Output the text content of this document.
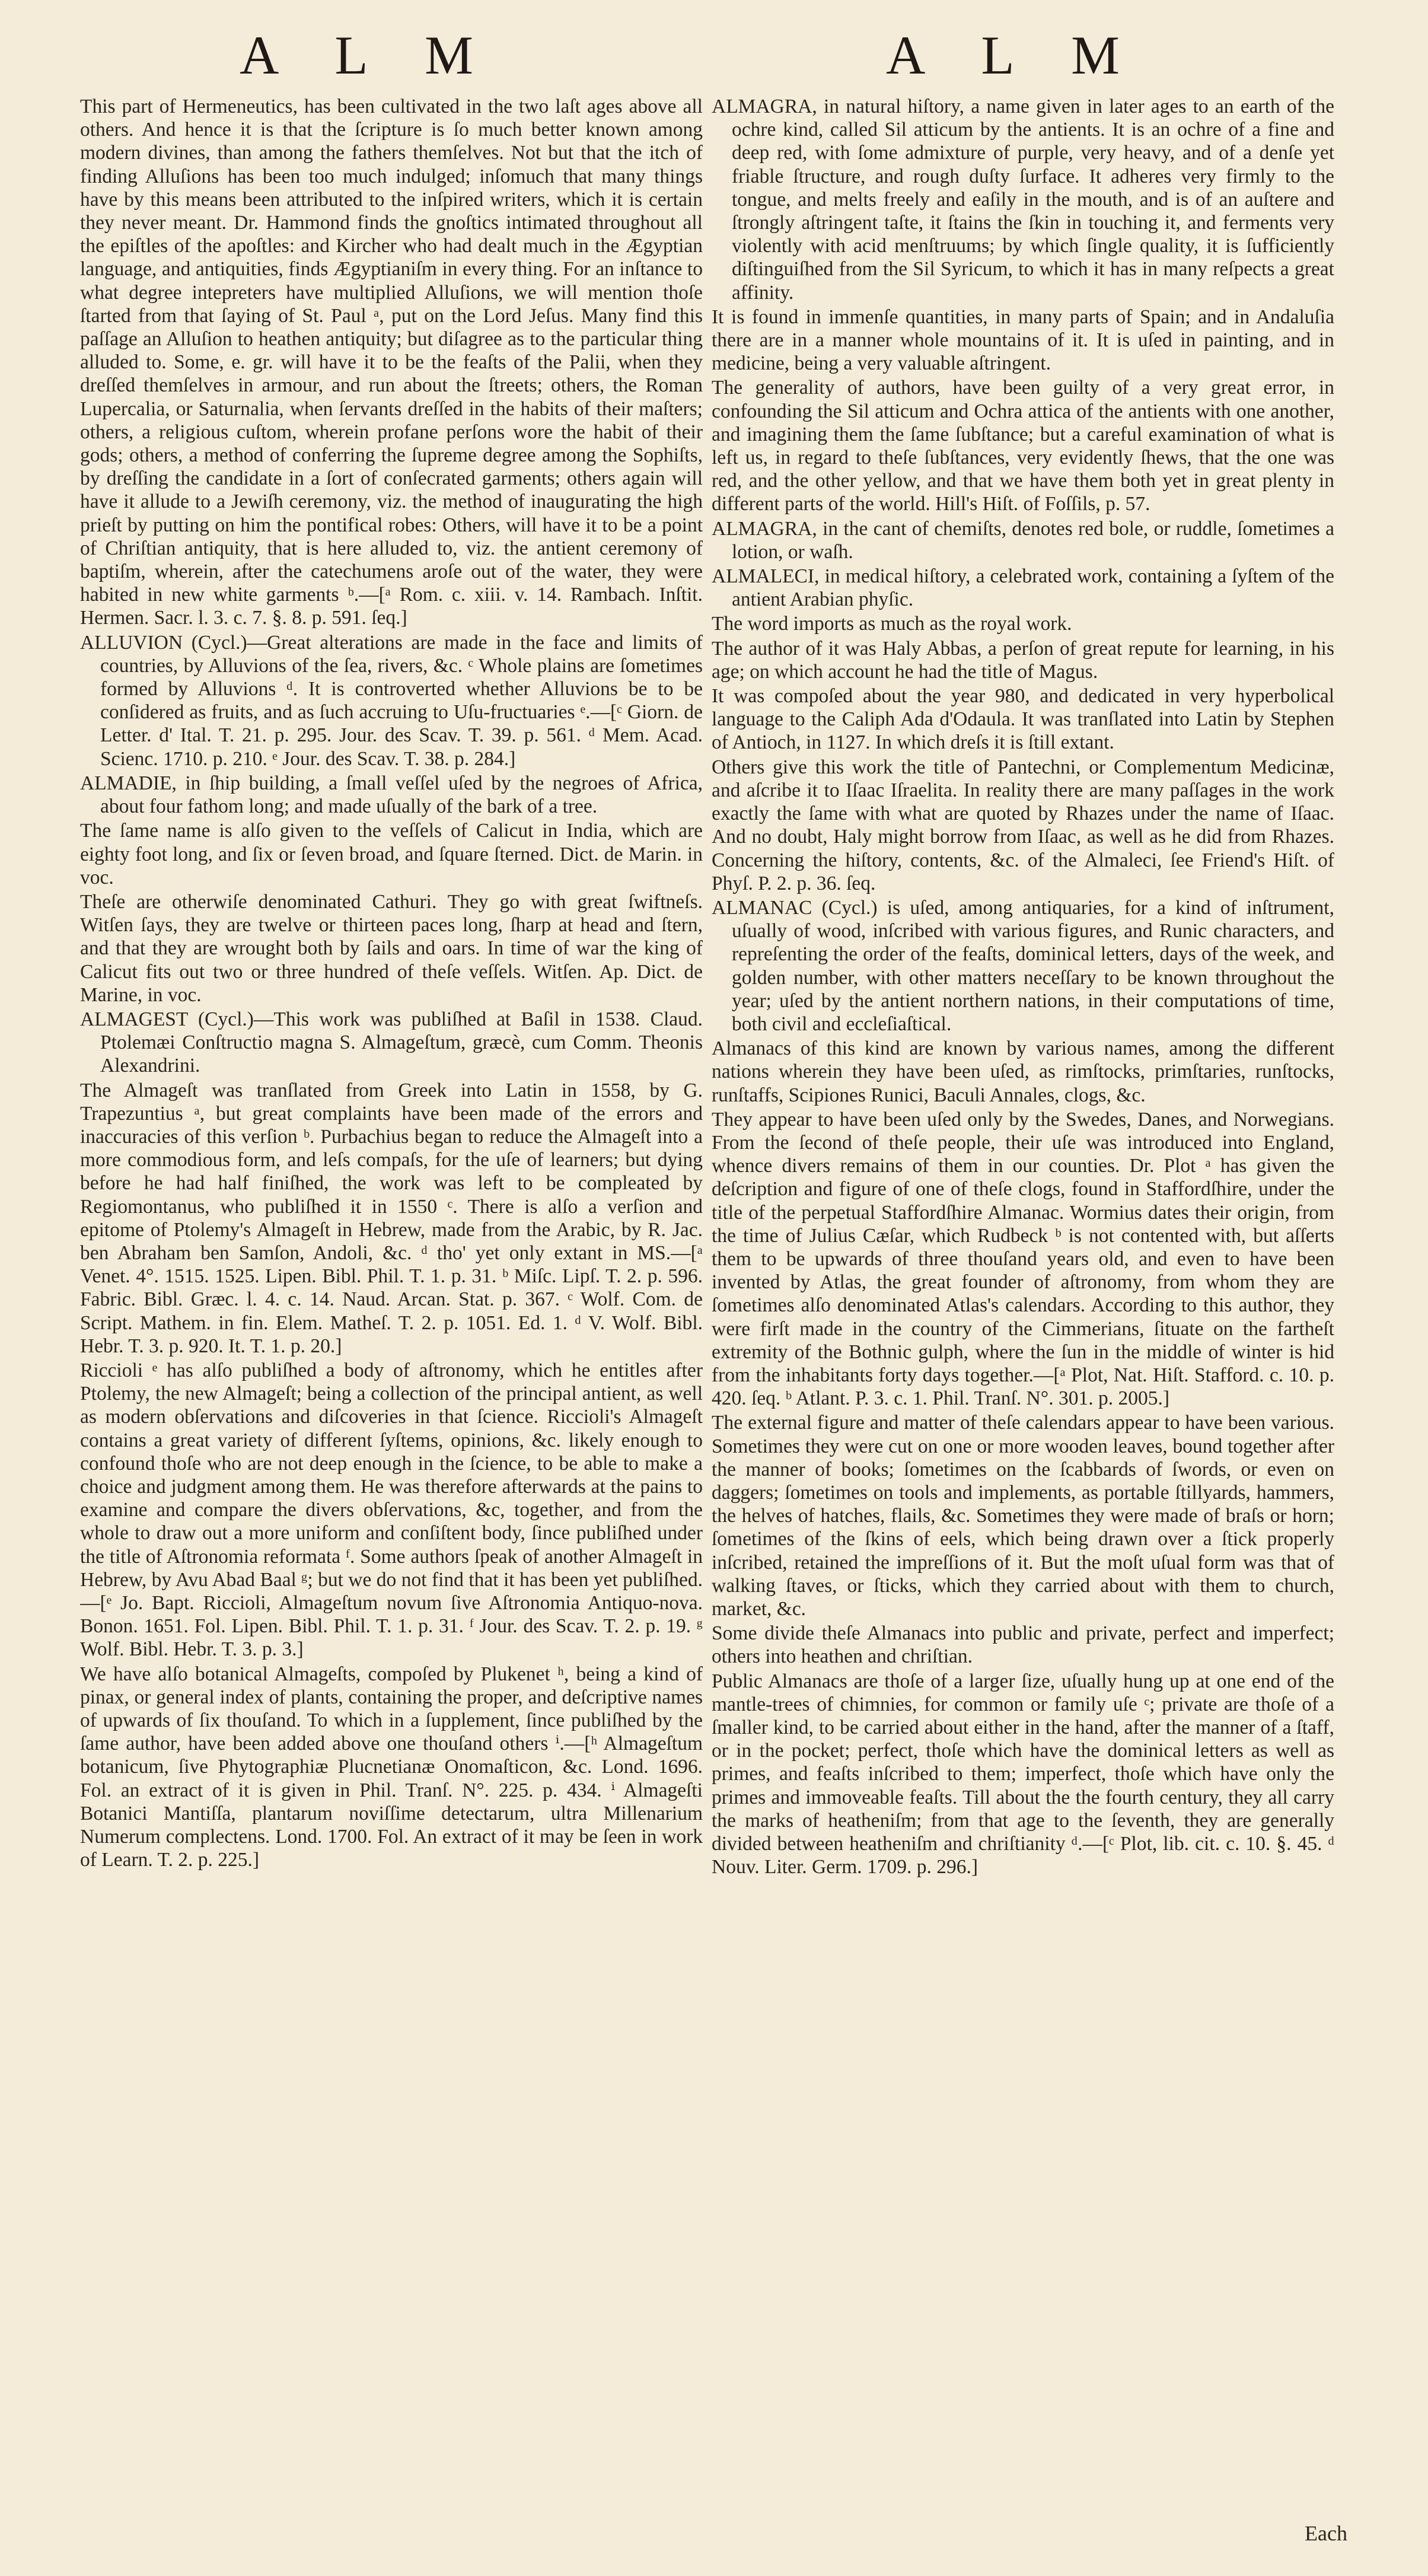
A L M	A L M

This part of Hermeneutics, has been cultivated in the two laſt ages above all others. And hence it is that the ſcripture is ſo much better known among modern divines, than among the fathers themſelves. Not but that the itch of finding Alluſions has been too much indulged; inſomuch that many things have by this means been attributed to the inſpired writers, which it is certain they never meant. Dr. Hammond finds the gnoſtics intimated throughout all the epiſtles of the apoſtles: and Kircher who had dealt much in the Ægyptian language, and antiquities, finds Ægyptianiſm in every thing. For an inſtance to what degree intepreters have multiplied Alluſions, we will mention thoſe ſtarted from that ſaying of St. Paul ᵃ, put on the Lord Jeſus. Many find this paſſage an Alluſion to heathen antiquity; but diſagree as to the particular thing alluded to. Some, e. gr. will have it to be the feaſts of the Palii, when they dreſſed themſelves in armour, and run about the ſtreets; others, the Roman Lupercalia, or Saturnalia, when ſervants dreſſed in the habits of their maſters; others, a religious cuſtom, wherein profane perſons wore the habit of their gods; others, a method of conferring the ſupreme degree among the Sophiſts, by dreſſing the candidate in a ſort of conſecrated garments; others again will have it allude to a Jewiſh ceremony, viz. the method of inaugurating the high prieſt by putting on him the pontifical robes: Others, will have it to be a point of Chriſtian antiquity, that is here alluded to, viz. the antient ceremony of baptiſm, wherein, after the catechumens aroſe out of the water, they were habited in new white garments ᵇ.—[ᵃ Rom. c. xiii. v. 14. Rambach. Inſtit. Hermen. Sacr. l. 3. c. 7. §. 8. p. 591. ſeq.]

ALLUVION (Cycl.)—Great alterations are made in the face and limits of countries, by Alluvions of the ſea, rivers, &c. ᶜ Whole plains are ſometimes formed by Alluvions ᵈ. It is controverted whether Alluvions be to be conſidered as fruits, and as ſuch accruing to Uſu-fructuaries ᵉ.—[ᶜ Giorn. de Letter. d' Ital. T. 21. p. 295. Jour. des Scav. T. 39. p. 561. ᵈ Mem. Acad. Scienc. 1710. p. 210. ᵉ Jour. des Scav. T. 38. p. 284.]

ALMADIE, in ſhip building, a ſmall veſſel uſed by the negroes of Africa, about four fathom long; and made uſually of the bark of a tree.

The ſame name is alſo given to the veſſels of Calicut in India, which are eighty foot long, and ſix or ſeven broad, and ſquare ſterned. Dict. de Marin. in voc.

Theſe are otherwiſe denominated Cathuri. They go with great ſwiftneſs. Witſen ſays, they are twelve or thirteen paces long, ſharp at head and ſtern, and that they are wrought both by ſails and oars. In time of war the king of Calicut fits out two or three hundred of theſe veſſels. Witſen. Ap. Dict. de Marine, in voc.

ALMAGEST (Cycl.)—This work was publiſhed at Baſil in 1538. Claud. Ptolemæi Conſtructio magna S. Almageſtum, græcè, cum Comm. Theonis Alexandrini.

The Almageſt was tranſlated from Greek into Latin in 1558, by G. Trapezuntius ᵃ, but great complaints have been made of the errors and inaccuracies of this verſion ᵇ. Purbachius began to reduce the Almageſt into a more commodious form, and leſs compaſs, for the uſe of learners; but dying before he had half finiſhed, the work was left to be compleated by Regiomontanus, who publiſhed it in 1550 ᶜ. There is alſo a verſion and epitome of Ptolemy's Almageſt in Hebrew, made from the Arabic, by R. Jac. ben Abraham ben Samſon, Andoli, &c. ᵈ tho' yet only extant in MS.—[ᵃ Venet. 4°. 1515. 1525. Lipen. Bibl. Phil. T. 1. p. 31. ᵇ Miſc. Lipſ. T. 2. p. 596. Fabric. Bibl. Græc. l. 4. c. 14. Naud. Arcan. Stat. p. 367. ᶜ Wolf. Com. de Script. Mathem. in fin. Elem. Matheſ. T. 2. p. 1051. Ed. 1. ᵈ V. Wolf. Bibl. Hebr. T. 3. p. 920. It. T. 1. p. 20.]

Riccioli ᵉ has alſo publiſhed a body of aſtronomy, which he entitles after Ptolemy, the new Almageſt; being a collection of the principal antient, as well as modern obſervations and diſcoveries in that ſcience. Riccioli's Almageſt contains a great variety of different ſyſtems, opinions, &c. likely enough to confound thoſe who are not deep enough in the ſcience, to be able to make a choice and judgment among them. He was therefore afterwards at the pains to examine and compare the divers obſervations, &c, together, and from the whole to draw out a more uniform and conſiſtent body, ſince publiſhed under the title of Aſtronomia reformata ᶠ. Some authors ſpeak of another Almageſt in Hebrew, by Avu Abad Baal ᵍ; but we do not find that it has been yet publiſhed.—[ᵉ Jo. Bapt. Riccioli, Almageſtum novum ſive Aſtronomia Antiquo-nova. Bonon. 1651. Fol. Lipen. Bibl. Phil. T. 1. p. 31. ᶠ Jour. des Scav. T. 2. p. 19. ᵍ Wolf. Bibl. Hebr. T. 3. p. 3.]

We have alſo botanical Almageſts, compoſed by Plukenet ʰ, being a kind of pinax, or general index of plants, containing the proper, and deſcriptive names of upwards of ſix thouſand. To which in a ſupplement, ſince publiſhed by the ſame author, have been added above one thouſand others ⁱ.—[ʰ Almageſtum botanicum, ſive Phytographiæ Plucnetianæ Onomaſticon, &c. Lond. 1696. Fol. an extract of it is given in Phil. Tranſ. N°. 225. p. 434. ⁱ Almageſti Botanici Mantiſſa, plantarum noviſſime detectarum, ultra Millenarium Numerum complectens. Lond. 1700. Fol. An extract of it may be ſeen in work of Learn. T. 2. p. 225.]

ALMAGRA, in natural hiſtory, a name given in later ages to an earth of the ochre kind, called Sil atticum by the antients. It is an ochre of a fine and deep red, with ſome admixture of purple, very heavy, and of a denſe yet friable ſtructure, and rough duſty ſurface. It adheres very firmly to the tongue, and melts freely and eaſily in the mouth, and is of an auſtere and ſtrongly aſtringent taſte, it ſtains the ſkin in touching it, and ferments very violently with acid menſtruums; by which ſingle quality, it is ſufficiently diſtinguiſhed from the Sil Syricum, to which it has in many reſpects a great affinity.

It is found in immenſe quantities, in many parts of Spain; and in Andaluſia there are in a manner whole mountains of it. It is uſed in painting, and in medicine, being a very valuable aſtringent.

The generality of authors, have been guilty of a very great error, in confounding the Sil atticum and Ochra attica of the antients with one another, and imagining them the ſame ſubſtance; but a careful examination of what is left us, in regard to theſe ſubſtances, very evidently ſhews, that the one was red, and the other yellow, and that we have them both yet in great plenty in different parts of the world. Hill's Hiſt. of Foſſils, p. 57.

ALMAGRA, in the cant of chemiſts, denotes red bole, or ruddle, ſometimes a lotion, or waſh.

ALMALECI, in medical hiſtory, a celebrated work, containing a ſyſtem of the antient Arabian phyſic.

The word imports as much as the royal work.

The author of it was Haly Abbas, a perſon of great repute for learning, in his age; on which account he had the title of Magus.

It was compoſed about the year 980, and dedicated in very hyperbolical language to the Caliph Ada d'Odaula. It was tranſlated into Latin by Stephen of Antioch, in 1127. In which dreſs it is ſtill extant.

Others give this work the title of Pantechni, or Complementum Medicinæ, and aſcribe it to Iſaac Iſraelita. In reality there are many paſſages in the work exactly the ſame with what are quoted by Rhazes under the name of Iſaac. And no doubt, Haly might borrow from Iſaac, as well as he did from Rhazes. Concerning the hiſtory, contents, &c. of the Almaleci, ſee Friend's Hiſt. of Phyſ. P. 2. p. 36. ſeq.

ALMANAC (Cycl.) is uſed, among antiquaries, for a kind of inſtrument, uſually of wood, inſcribed with various figures, and Runic characters, and repreſenting the order of the feaſts, dominical letters, days of the week, and golden number, with other matters neceſſary to be known throughout the year; uſed by the antient northern nations, in their computations of time, both civil and eccleſiaſtical.

Almanacs of this kind are known by various names, among the different nations wherein they have been uſed, as rimſtocks, primſtaries, runſtocks, runſtaffs, Scipiones Runici, Baculi Annales, clogs, &c.

They appear to have been uſed only by the Swedes, Danes, and Norwegians. From the ſecond of theſe people, their uſe was introduced into England, whence divers remains of them in our counties. Dr. Plot ᵃ has given the deſcription and figure of one of theſe clogs, found in Staffordſhire, under the title of the perpetual Staffordſhire Almanac. Wormius dates their origin, from the time of Julius Cæſar, which Rudbeck ᵇ is not contented with, but aſſerts them to be upwards of three thouſand years old, and even to have been invented by Atlas, the great founder of aſtronomy, from whom they are ſometimes alſo denominated Atlas's calendars. According to this author, they were firſt made in the country of the Cimmerians, ſituate on the fartheſt extremity of the Bothnic gulph, where the ſun in the middle of winter is hid from the inhabitants forty days together.—[ᵃ Plot, Nat. Hiſt. Stafford. c. 10. p. 420. ſeq. ᵇ Atlant. P. 3. c. 1. Phil. Tranſ. N°. 301. p. 2005.]

The external figure and matter of theſe calendars appear to have been various. Sometimes they were cut on one or more wooden leaves, bound together after the manner of books; ſometimes on the ſcabbards of ſwords, or even on daggers; ſometimes on tools and implements, as portable ſtillyards, hammers, the helves of hatches, flails, &c. Sometimes they were made of braſs or horn; ſometimes of the ſkins of eels, which being drawn over a ſtick properly inſcribed, retained the impreſſions of it. But the moſt uſual form was that of walking ſtaves, or ſticks, which they carried about with them to church, market, &c.

Some divide theſe Almanacs into public and private, perfect and imperfect; others into heathen and chriſtian.

Public Almanacs are thoſe of a larger ſize, uſually hung up at one end of the mantle-trees of chimnies, for common or family uſe ᶜ; private are thoſe of a ſmaller kind, to be carried about either in the hand, after the manner of a ſtaff, or in the pocket; perfect, thoſe which have the dominical letters as well as primes, and feaſts inſcribed to them; imperfect, thoſe which have only the primes and immoveable feaſts. Till about the the fourth century, they all carry the marks of heatheniſm; from that age to the ſeventh, they are generally divided between heatheniſm and chriſtianity ᵈ.—[ᶜ Plot, lib. cit. c. 10. §. 45. ᵈ Nouv. Liter. Germ. 1709. p. 296.]

Each
